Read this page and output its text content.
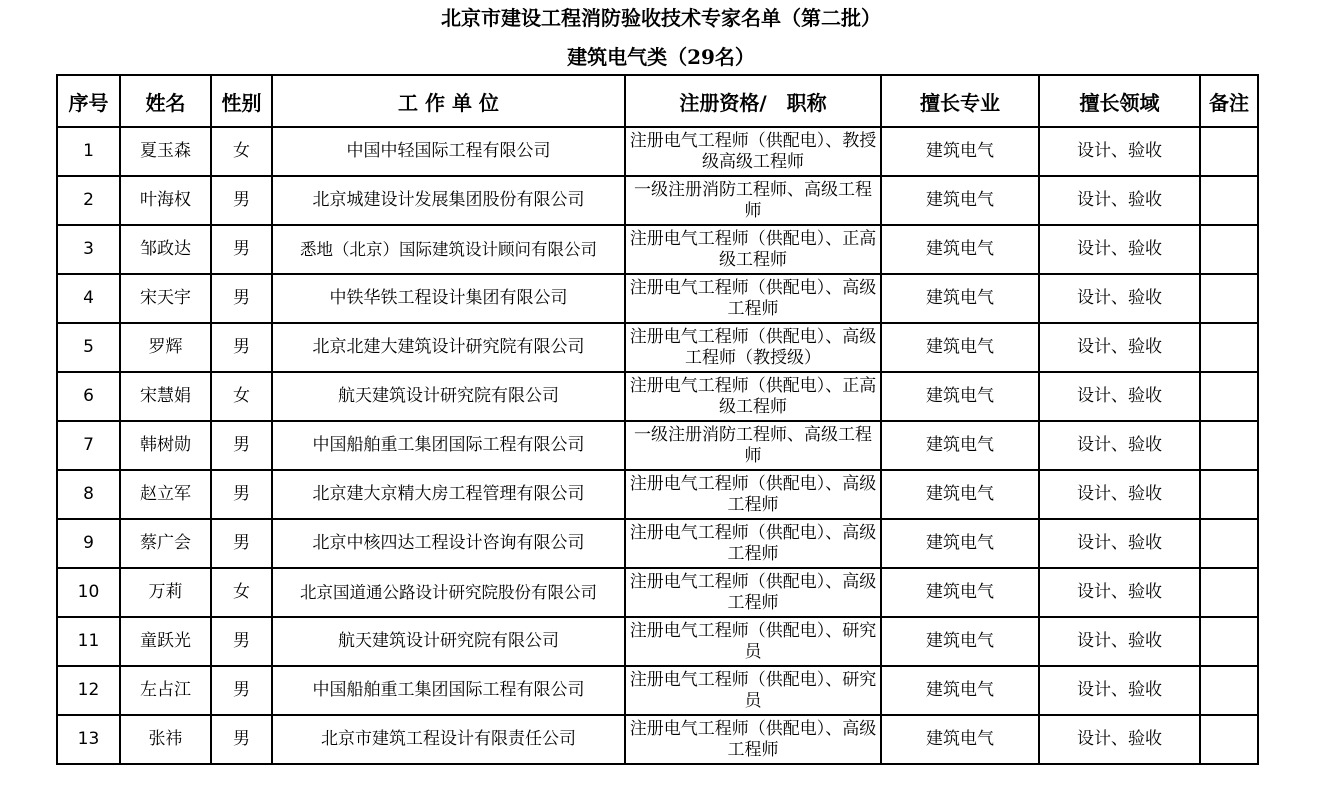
北京市建设工程消防验收技术专家名单（第二批）
建筑电气类（29名）
序号	姓名	性别	工 作 单 位	注册资格/　职称	擅长专业	擅长领域	备注
1	夏玉森	女	中国中轻国际工程有限公司	注册电气工程师（供配电）、教授级高级工程师	建筑电气	设计、验收	
2	叶海权	男	北京城建设计发展集团股份有限公司	一级注册消防工程师、高级工程师	建筑电气	设计、验收	
3	邹政达	男	悉地（北京）国际建筑设计顾问有限公司	注册电气工程师（供配电）、正高级工程师	建筑电气	设计、验收	
4	宋天宇	男	中铁华铁工程设计集团有限公司	注册电气工程师（供配电）、高级工程师	建筑电气	设计、验收	
5	罗辉	男	北京北建大建筑设计研究院有限公司	注册电气工程师（供配电）、高级工程师（教授级）	建筑电气	设计、验收	
6	宋慧娟	女	航天建筑设计研究院有限公司	注册电气工程师（供配电）、正高级工程师	建筑电气	设计、验收	
7	韩树勋	男	中国船舶重工集团国际工程有限公司	一级注册消防工程师、高级工程师	建筑电气	设计、验收	
8	赵立军	男	北京建大京精大房工程管理有限公司	注册电气工程师（供配电）、高级工程师	建筑电气	设计、验收	
9	蔡广会	男	北京中核四达工程设计咨询有限公司	注册电气工程师（供配电）、高级工程师	建筑电气	设计、验收	
10	万莉	女	北京国道通公路设计研究院股份有限公司	注册电气工程师（供配电）、高级工程师	建筑电气	设计、验收	
11	童跃光	男	航天建筑设计研究院有限公司	注册电气工程师（供配电）、研究员	建筑电气	设计、验收	
12	左占江	男	中国船舶重工集团国际工程有限公司	注册电气工程师（供配电）、研究员	建筑电气	设计、验收	
13	张祎	男	北京市建筑工程设计有限责任公司	注册电气工程师（供配电）、高级工程师	建筑电气	设计、验收	
